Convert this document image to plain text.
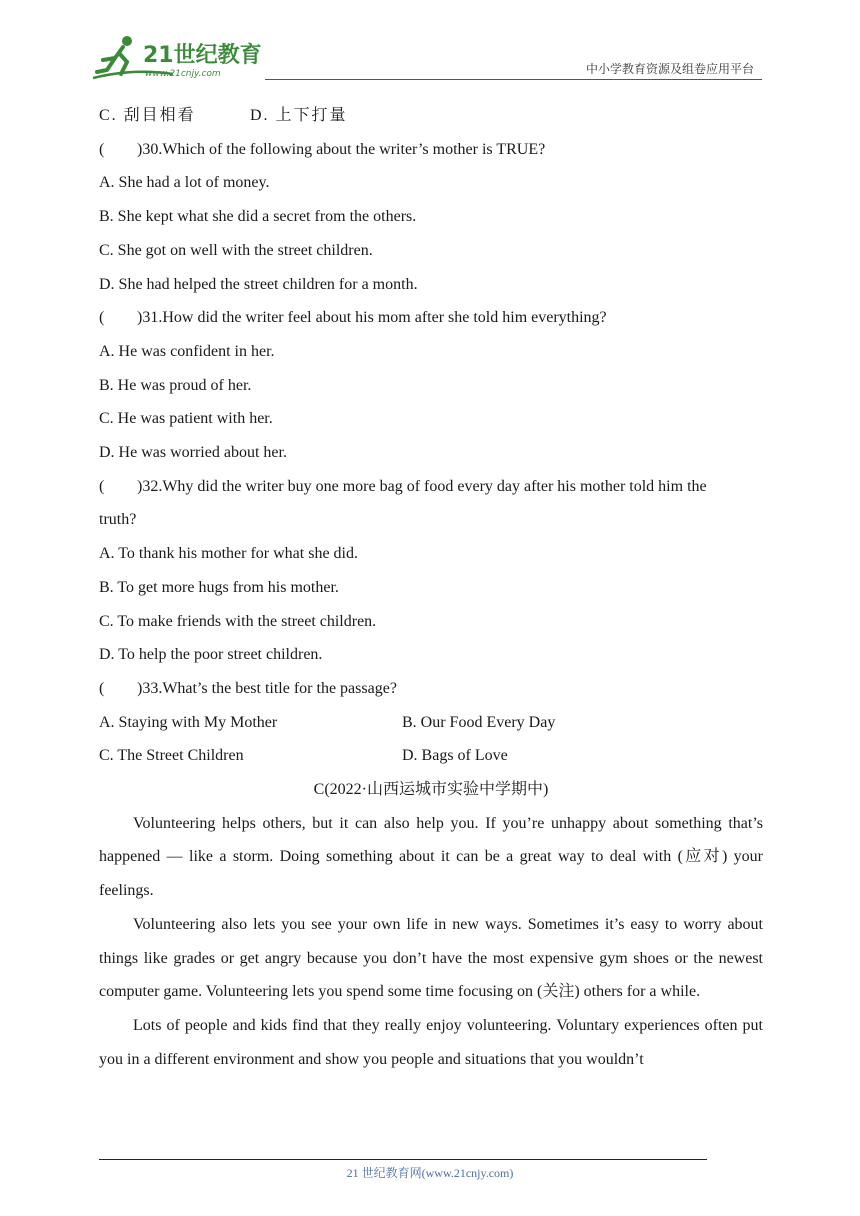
21世纪教育
www.21cnjy.com	中小学教育资源及组卷应用平台
C. 刮目相看	D. 上下打量
( )30.Which of the following about the writer’s mother is TRUE?
A. She had a lot of money.
B. She kept what she did a secret from the others.
C. She got on well with the street children.
D. She had helped the street children for a month.
( )31.How did the writer feel about his mom after she told him everything?
A. He was confident in her.
B. He was proud of her.
C. He was patient with her.
D. He was worried about her.
( )32.Why did the writer buy one more bag of food every day after his mother told him the
truth?
A. To thank his mother for what she did.
B. To get more hugs from his mother.
C. To make friends with the street children.
D. To help the poor street children.
( )33.What’s the best title for the passage?
A. Staying with My Mother	B. Our Food Every Day
C. The Street Children	D. Bags of Love
C(2022·山西运城市实验中学期中)
Volunteering helps others, but it can also help you. If you’re unhappy about something that’s happened — like a storm. Doing something about it can be a great way to deal with (应对) your feelings.
Volunteering also lets you see your own life in new ways. Sometimes it’s easy to worry about things like grades or get angry because you don’t have the most expensive gym shoes or the newest computer game. Volunteering lets you spend some time focusing on (关注) others for a while.
Lots of people and kids find that they really enjoy volunteering. Voluntary experiences often put you in a different environment and show you people and situations that you wouldn’t
21 世纪教育网(www.21cnjy.com)
